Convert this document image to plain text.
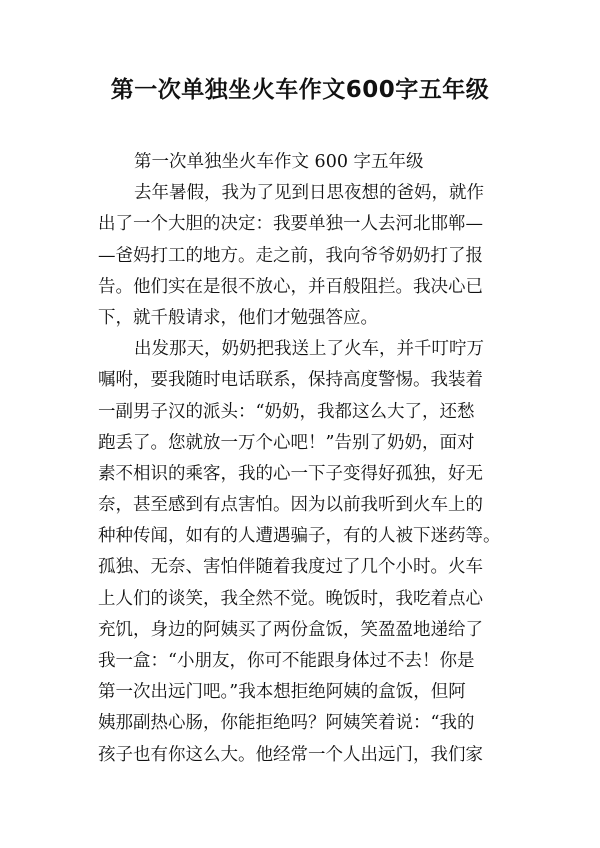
第一次单独坐火车作文600字五年级
第一次单独坐火车作文 600 字五年级
去年暑假，我为了见到日思夜想的爸妈，就作
出了一个大胆的决定：我要单独一人去河北邯郸—
—爸妈打工的地方。走之前，我向爷爷奶奶打了报
告。他们实在是很不放心，并百般阻拦。我决心已
下，就千般请求，他们才勉强答应。
出发那天，奶奶把我送上了火车，并千叮咛万
嘱咐，要我随时电话联系，保持高度警惕。我装着
一副男子汉的派头：“奶奶，我都这么大了，还愁
跑丢了。您就放一万个心吧！”告别了奶奶，面对
素不相识的乘客，我的心一下子变得好孤独，好无
奈，甚至感到有点害怕。因为以前我听到火车上的
种种传闻，如有的人遭遇骗子，有的人被下迷药等。
孤独、无奈、害怕伴随着我度过了几个小时。火车
上人们的谈笑，我全然不觉。晚饭时，我吃着点心
充饥，身边的阿姨买了两份盒饭，笑盈盈地递给了
我一盒：“小朋友，你可不能跟身体过不去！你是
第一次出远门吧。”我本想拒绝阿姨的盒饭，但阿
姨那副热心肠，你能拒绝吗？阿姨笑着说：“我的
孩子也有你这么大。他经常一个人出远门，我们家
